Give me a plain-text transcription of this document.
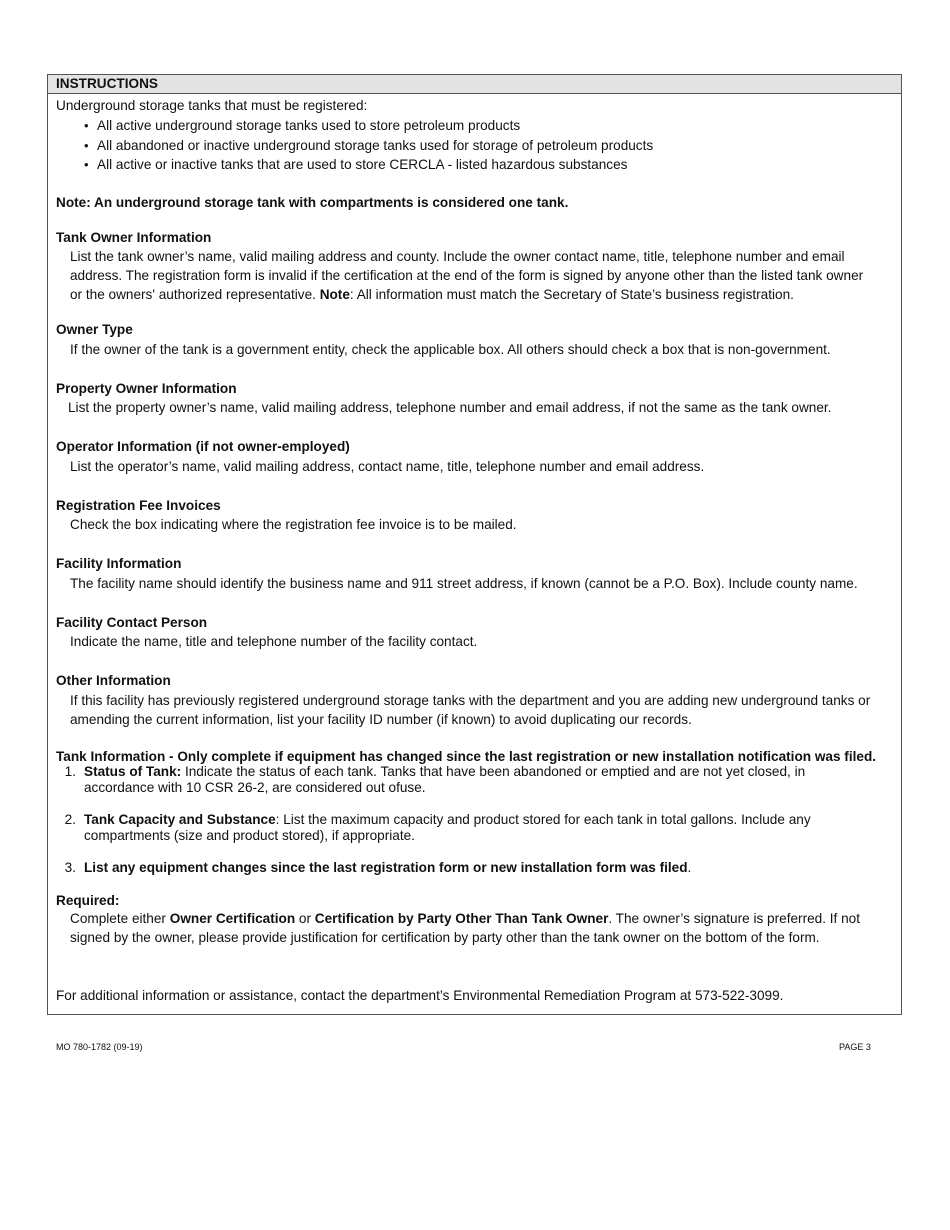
INSTRUCTIONS
Underground storage tanks that must be registered:
• All active underground storage tanks used to store petroleum products
• All abandoned or inactive underground storage tanks used for storage of petroleum products
• All active or inactive tanks that are used to store CERCLA - listed hazardous substances
Note: An underground storage tank with compartments is considered one tank.
Tank Owner Information
List the tank owner’s name, valid mailing address and county. Include the owner contact name, title, telephone number and email
address. The registration form is invalid if the certification at the end of the form is signed by anyone other than the listed tank owner
or the owners' authorized representative. Note: All information must match the Secretary of State’s business registration.
Owner Type
If the owner of the tank is a government entity, check the applicable box. All others should check a box that is non-government.
Property Owner Information
List the property owner’s name, valid mailing address, telephone number and email address, if not the same as the tank owner.
Operator Information (if not owner-employed)
List the operator’s name, valid mailing address, contact name, title, telephone number and email address.
Registration Fee Invoices
Check the box indicating where the registration fee invoice is to be mailed.
Facility Information
The facility name should identify the business name and 911 street address, if known (cannot be a P.O. Box). Include county name.
Facility Contact Person
Indicate the name, title and telephone number of the facility contact.
Other Information
If this facility has previously registered underground storage tanks with the department and you are adding new underground tanks or
amending the current information, list your facility ID number (if known) to avoid duplicating our records.
Tank Information - Only complete if equipment has changed since the last registration or new installation notification was filed.
1. Status of Tank: Indicate the status of each tank. Tanks that have been abandoned or emptied and are not yet closed, in
accordance with 10 CSR 26-2, are considered out ofuse.
2. Tank Capacity and Substance: List the maximum capacity and product stored for each tank in total gallons. Include any
compartments (size and product stored), if appropriate.
3. List any equipment changes since the last registration form or new installation form was filed.
Required:
Complete either Owner Certification or Certification by Party Other Than Tank Owner. The owner’s signature is preferred. If not
signed by the owner, please provide justification for certification by party other than the tank owner on the bottom of the form.
For additional information or assistance, contact the department’s Environmental Remediation Program at 573-522-3099.
MO 780-1782 (09-19)	PAGE 3
